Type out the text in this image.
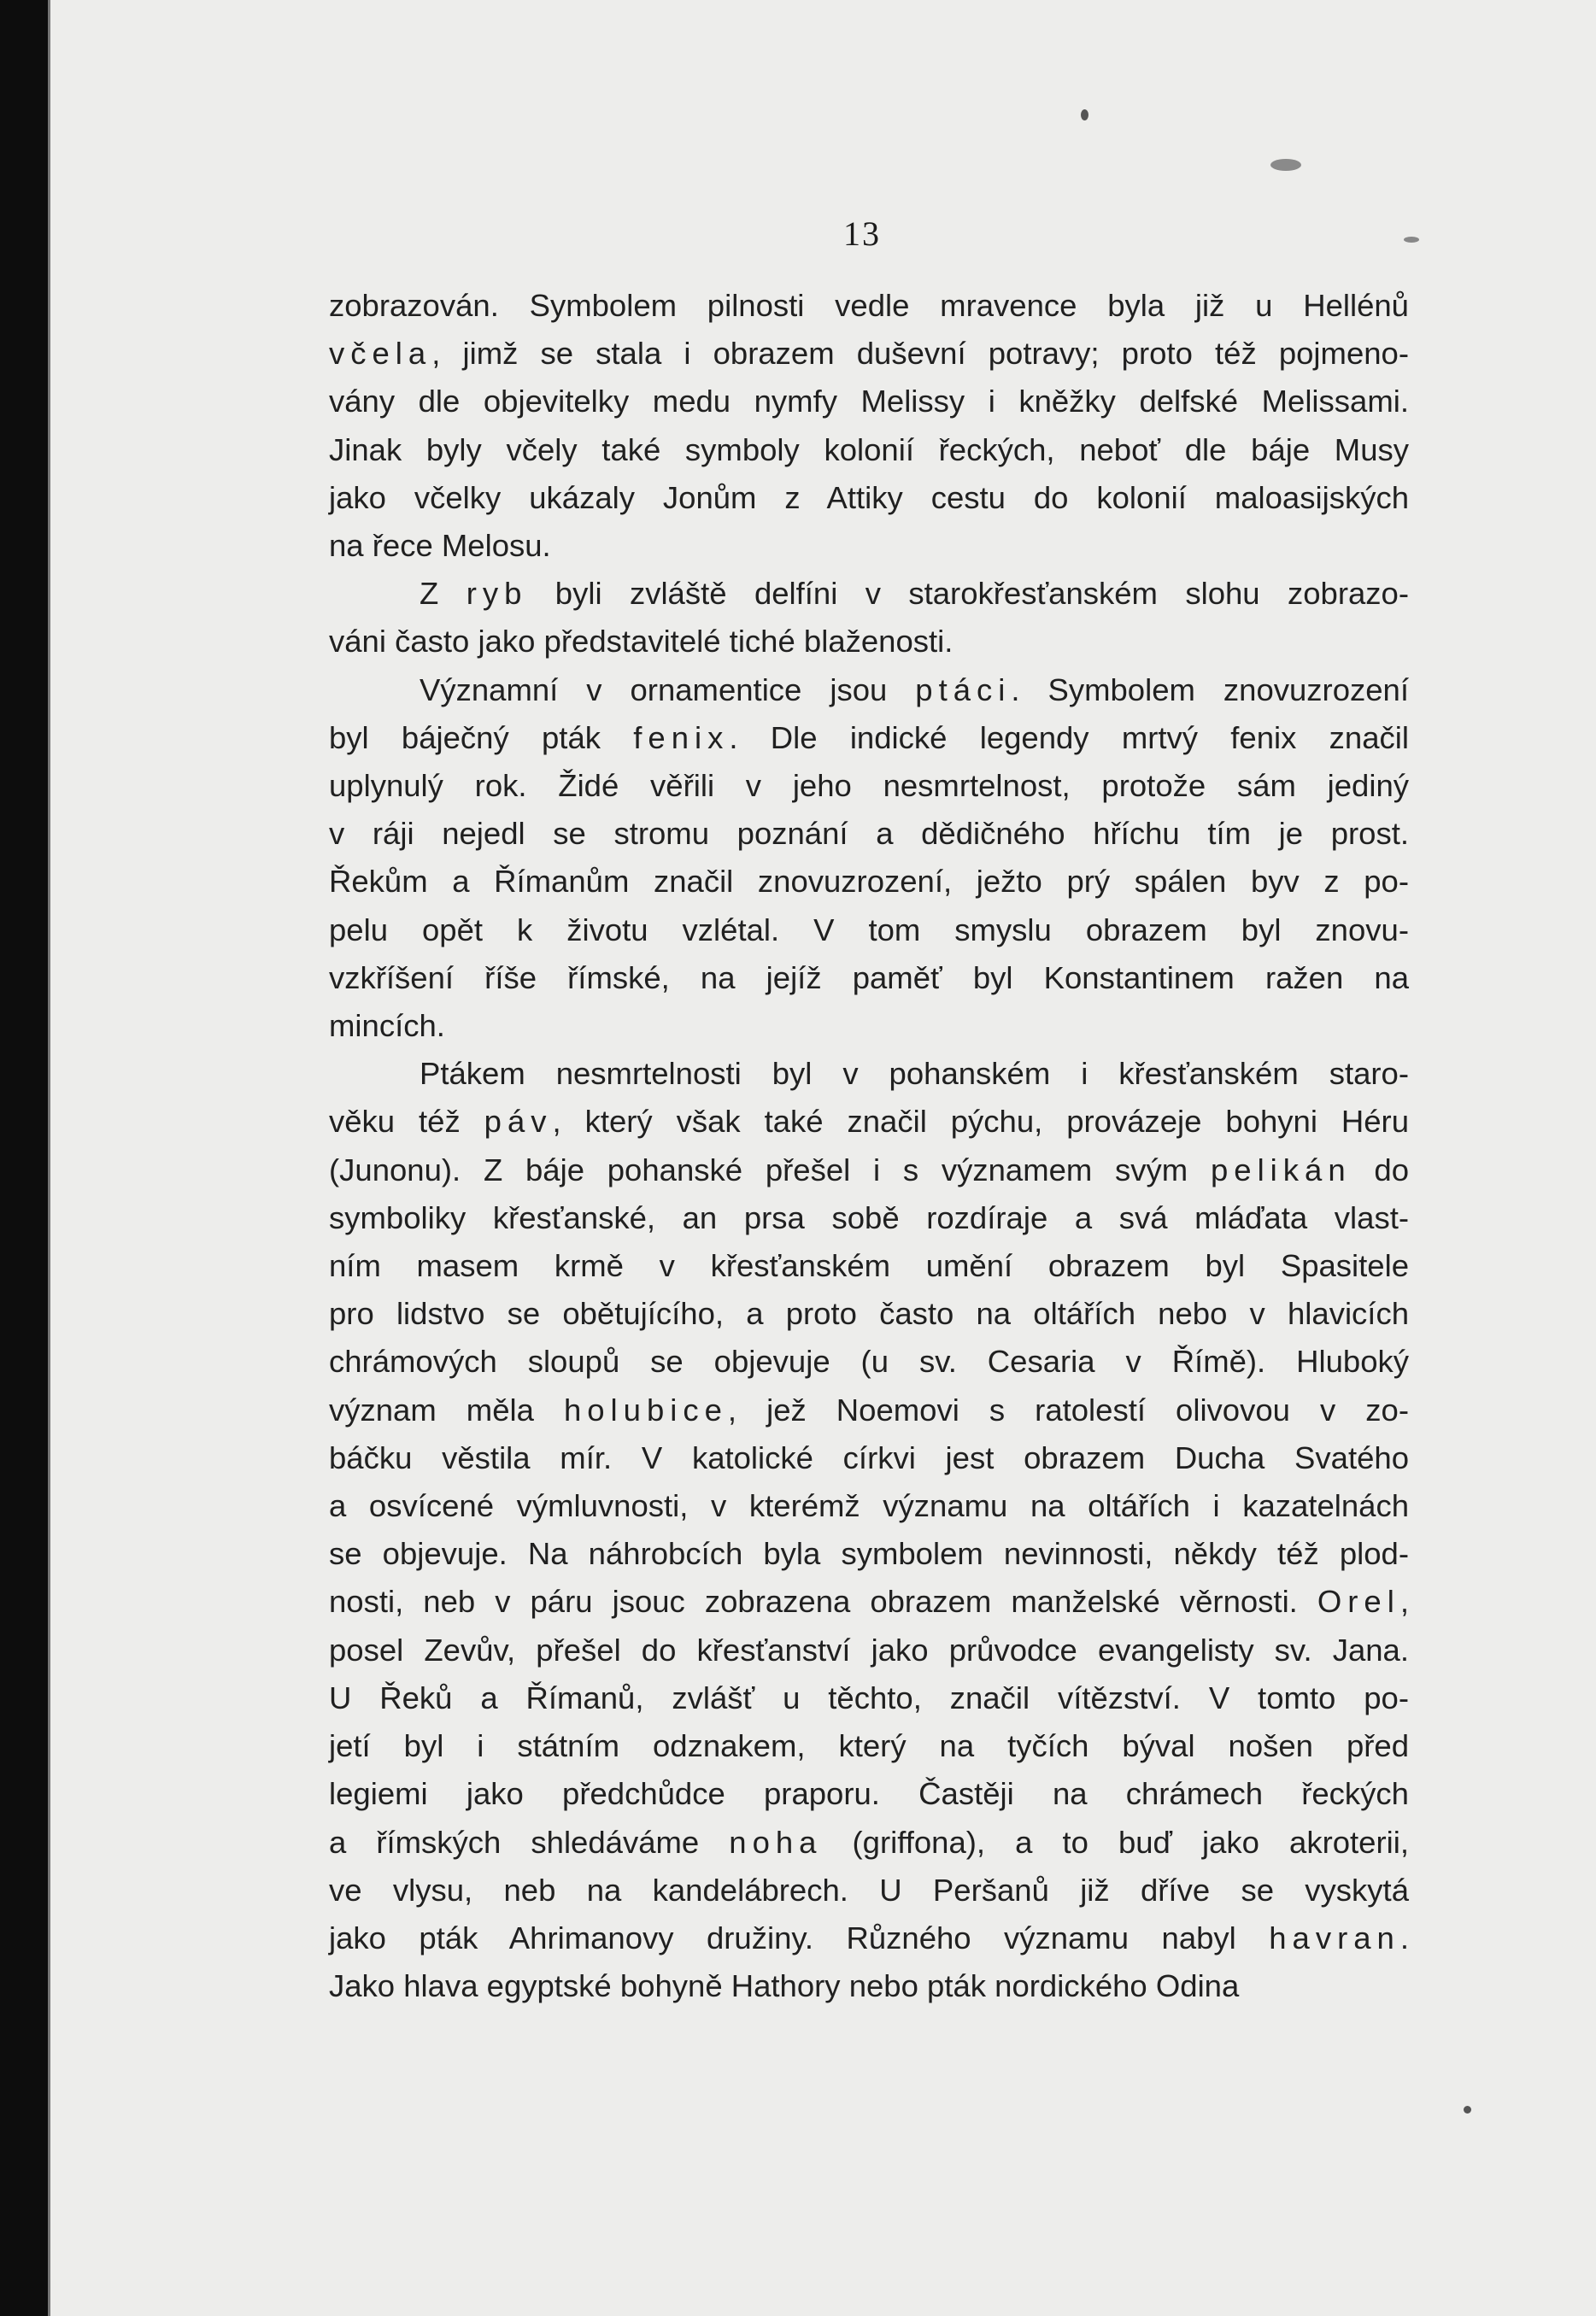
13

zobrazován. Symbolem pilnosti vedle mravence byla již u Hellénů

včela, jimž se stala i obrazem duševní potravy; proto též pojmeno-

vány dle objevitelky medu nymfy Melissy i kněžky delfské Melissami.

Jinak byly včely také symboly kolonií řeckých, neboť dle báje Musy

jako včelky ukázaly Jonům z Attiky cestu do kolonií maloasijských

na řece Melosu.

Z ryb byli zvláště delfíni v starokřesťanském slohu zobrazo-

váni často jako představitelé tiché blaženosti.

Významní v ornamentice jsou ptáci. Symbolem znovuzrození

byl báječný pták fenix. Dle indické legendy mrtvý fenix značil

uplynulý rok. Židé věřili v jeho nesmrtelnost, protože sám jediný

v ráji nejedl se stromu poznání a dědičného hříchu tím je prost.

Řekům a Římanům značil znovuzrození, ježto prý spálen byv z po-

pelu opět k životu vzlétal. V tom smyslu obrazem byl znovu-

vzkříšení říše římské, na jejíž paměť byl Konstantinem ražen na

mincích.

Ptákem nesmrtelnosti byl v pohanském i křesťanském staro-

věku též páv, který však také značil pýchu, provázeje bohyni Héru

(Junonu). Z báje pohanské přešel i s významem svým pelikán do

symboliky křesťanské, an prsa sobě rozdíraje a svá mláďata vlast-

ním masem krmě v křesťanském umění obrazem byl Spasitele

pro lidstvo se obětujícího, a proto často na oltářích nebo v hlavicích

chrámových sloupů se objevuje (u sv. Cesaria v Římě). Hluboký

význam měla holubice, jež Noemovi s ratolestí olivovou v zo-

báčku věstila mír. V katolické církvi jest obrazem Ducha Svatého

a osvícené výmluvnosti, v kterémž významu na oltářích i kazatelnách

se objevuje. Na náhrobcích byla symbolem nevinnosti, někdy též plod-

nosti, neb v páru jsouc zobrazena obrazem manželské věrnosti. Orel,

posel Zevův, přešel do křesťanství jako průvodce evangelisty sv. Jana.

U Řeků a Římanů, zvlášť u těchto, značil vítězství. V tomto po-

jetí byl i státním odznakem, který na tyčích býval nošen před

legiemi jako předchůdce praporu. Častěji na chrámech řeckých

a římských shledáváme noha (griffona), a to buď jako akroterii,

ve vlysu, neb na kandelábrech. U Peršanů již dříve se vyskytá

jako pták Ahrimanovy družiny. Různého významu nabyl havran.

Jako hlava egyptské bohyně Hathory nebo pták nordického Odina
